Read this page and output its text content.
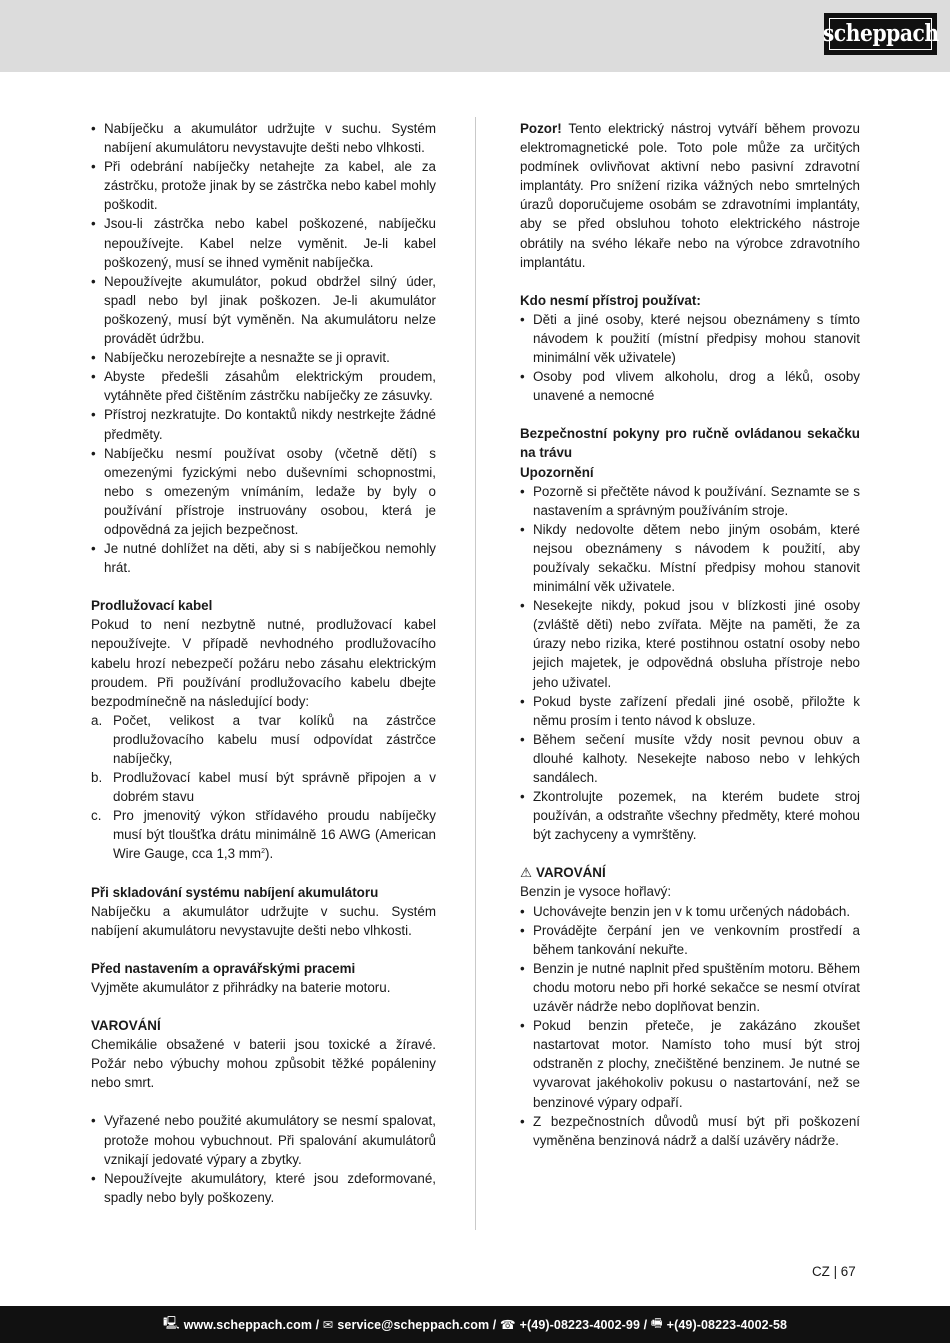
scheppach

• Nabíječku a akumulátor udržujte v suchu. Systém nabíjení akumulátoru nevystavujte dešti nebo vlhkosti.

• Při odebrání nabíječky netahejte za kabel, ale za zástrčku, protože jinak by se zástrčka nebo kabel mohly poškodit.

• Jsou-li zástrčka nebo kabel poškozené, nabíječku nepoužívejte. Kabel nelze vyměnit. Je-li kabel poškozený, musí se ihned vyměnit nabíječka.

• Nepoužívejte akumulátor, pokud obdržel silný úder, spadl nebo byl jinak poškozen. Je-li akumulátor poškozený, musí být vyměněn. Na akumulátoru nelze provádět údržbu.

• Nabíječku nerozebírejte a nesnažte se ji opravit.

• Abyste předešli zásahům elektrickým proudem, vytáhněte před čištěním zástrčku nabíječky ze zásuvky.

• Přístroj nezkratujte. Do kontaktů nikdy nestrkejte žádné předměty.

• Nabíječku nesmí používat osoby (včetně dětí) s omezenými fyzickými nebo duševními schopnostmi, nebo s omezeným vnímáním, ledaže by byly o používání přístroje instruovány osobou, která je odpovědná za jejich bezpečnost.

• Je nutné dohlížet na děti, aby si s nabíječkou nemohly hrát.

Prodlužovací kabel

Pokud to není nezbytně nutné, prodlužovací kabel nepoužívejte. V případě nevhodného prodlužovacího kabelu hrozí nebezpečí požáru nebo zásahu elektrickým proudem. Při používání prodlužovacího kabelu dbejte bezpodmínečně na následující body:

a. Počet, velikost a tvar kolíků na zástrčce prodlužovacího kabelu musí odpovídat zástrčce nabíječky,

b. Prodlužovací kabel musí být správně připojen a v dobrém stavu

c. Pro jmenovitý výkon střídavého proudu nabíječky musí být tloušťka drátu minimálně 16 AWG (American Wire Gauge, cca 1,3 $mm^2$).

Při skladování systému nabíjení akumulátoru

Nabíječku a akumulátor udržujte v suchu. Systém nabíjení akumulátoru nevystavujte dešti nebo vlhkosti.

Před nastavením a opravářskými pracemi

Vyjměte akumulátor z přihrádky na baterie motoru.

VAROVÁNÍ

Chemikálie obsažené v baterii jsou toxické a žíravé. Požár nebo výbuchy mohou způsobit těžké popáleniny nebo smrt.

• Vyřazené nebo použité akumulátory se nesmí spalovat, protože mohou vybuchnout. Při spalování akumulátorů vznikají jedovaté výpary a zbytky.

• Nepoužívejte akumulátory, které jsou zdeformované, spadly nebo byly poškozeny.

Pozor! Tento elektrický nástroj vytváří během provozu elektromagnetické pole. Toto pole může za určitých podmínek ovlivňovat aktivní nebo pasivní zdravotní implantáty. Pro snížení rizika vážných nebo smrtelných úrazů doporučujeme osobám se zdravotními implantáty, aby se před obsluhou tohoto elektrického nástroje obrátily na svého lékaře nebo na výrobce zdravotního implantátu.

Kdo nesmí přístroj používat:

• Děti a jiné osoby, které nejsou obeznámeny s tímto návodem k použití (místní předpisy mohou stanovit minimální věk uživatele)

• Osoby pod vlivem alkoholu, drog a léků, osoby unavené a nemocné

Bezpečnostní pokyny pro ručně ovládanou sekačku na trávu

Upozornění

• Pozorně si přečtěte návod k používání. Seznamte se s nastavením a správným používáním stroje.

• Nikdy nedovolte dětem nebo jiným osobám, které nejsou obeznámeny s návodem k použití, aby používaly sekačku. Místní předpisy mohou stanovit minimální věk uživatele.

• Nesekejte nikdy, pokud jsou v blízkosti jiné osoby (zvláště děti) nebo zvířata. Mějte na paměti, že za úrazy nebo rizika, které postihnou ostatní osoby nebo jejich majetek, je odpovědná obsluha přístroje nebo jeho uživatel.

• Pokud byste zařízení předali jiné osobě, přiložte k němu prosím i tento návod k obsluze.

• Během sečení musíte vždy nosit pevnou obuv a dlouhé kalhoty. Nesekejte naboso nebo v lehkých sandálech.

• Zkontrolujte pozemek, na kterém budete stroj používán, a odstraňte všechny předměty, které mohou být zachyceny a vymrštěny.

⚠ VAROVÁNÍ

Benzin je vysoce hořlavý:

• Uchovávejte benzin jen v k tomu určených nádobách.

• Provádějte čerpání jen ve venkovním prostředí a během tankování nekuřte.

• Benzin je nutné naplnit před spuštěním motoru. Během chodu motoru nebo při horké sekačce se nesmí otvírat uzávěr nádrže nebo doplňovat benzin.

• Pokud benzin přeteče, je zakázáno zkoušet nastartovat motor. Namísto toho musí být stroj odstraněn z plochy, znečištěné benzinem. Je nutné se vyvarovat jakéhokoliv pokusu o nastartování, než se benzinové výpary odpaří.

• Z bezpečnostních důvodů musí být při poškození vyměněna benzinová nádrž a další uzávěry nádrže.

CZ | 67
🖳 www.scheppach.com /
✉ service@scheppach.com /
☎ +(49)-08223-4002-99 /
🖷 +(49)-08223-4002-58
